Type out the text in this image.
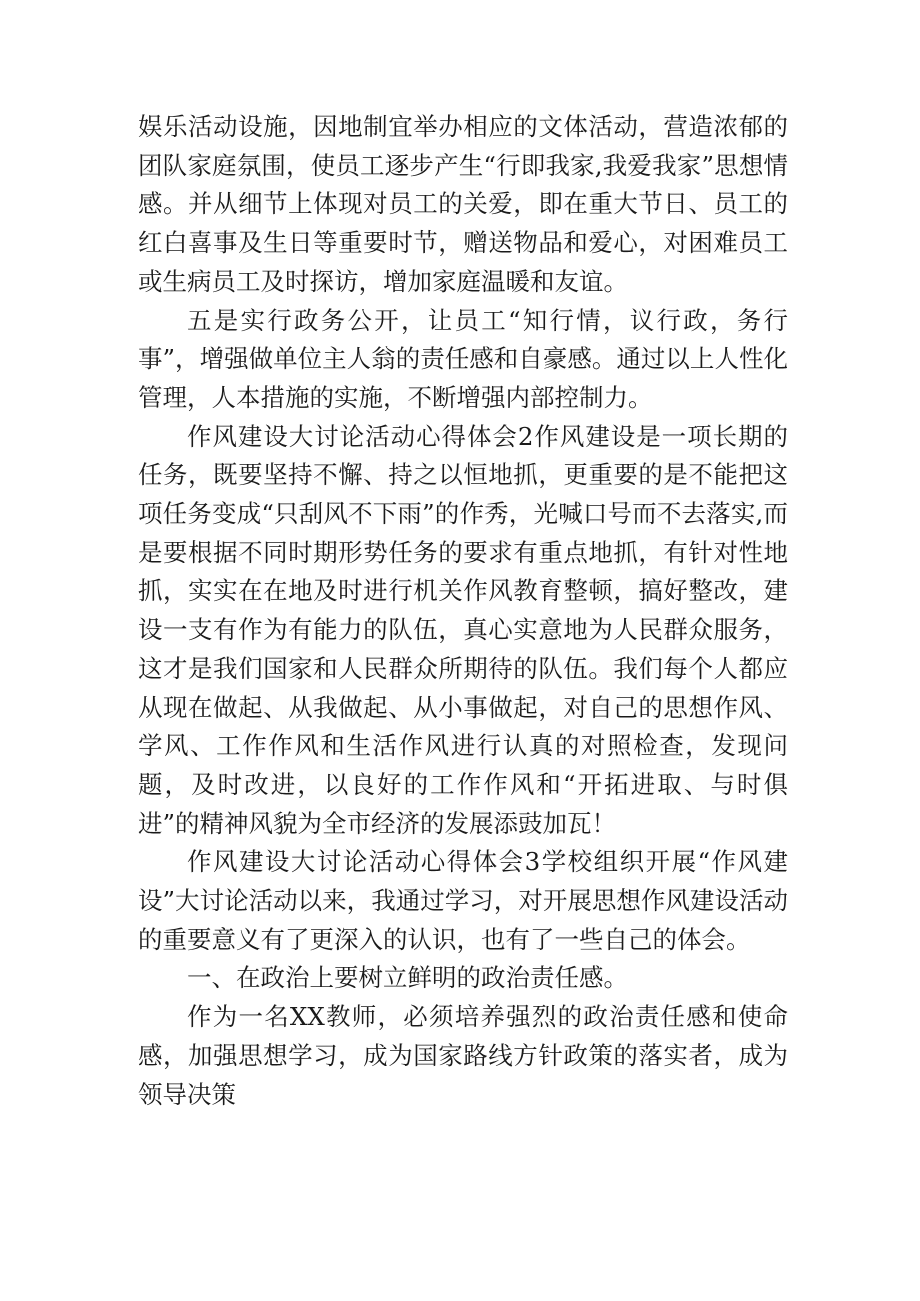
娱乐活动设施，因地制宜举办相应的文体活动，营造浓郁的团队家庭氛围，使员工逐步产生“行即我家,我爱我家”思想情感。并从细节上体现对员工的关爱，即在重大节日、员工的红白喜事及生日等重要时节，赠送物品和爱心，对困难员工或生病员工及时探访，增加家庭温暖和友谊。

五是实行政务公开，让员工“知行情，议行政，务行事”，增强做单位主人翁的责任感和自豪感。通过以上人性化管理，人本措施的实施，不断增强内部控制力。

作风建设大讨论活动心得体会2作风建设是一项长期的任务，既要坚持不懈、持之以恒地抓，更重要的是不能把这项任务变成“只刮风不下雨”的作秀，光喊口号而不去落实,而是要根据不同时期形势任务的要求有重点地抓，有针对性地抓，实实在在地及时进行机关作风教育整顿，搞好整改，建设一支有作为有能力的队伍，真心实意地为人民群众服务，这才是我们国家和人民群众所期待的队伍。我们每个人都应从现在做起、从我做起、从小事做起，对自己的思想作风、学风、工作作风和生活作风进行认真的对照检查，发现问题，及时改进，以良好的工作作风和“开拓进取、与时俱进”的精神风貌为全市经济的发展添豉加瓦！

作风建设大讨论活动心得体会3学校组织开展“作风建设”大讨论活动以来，我通过学习，对开展思想作风建设活动的重要意义有了更深入的认识，也有了一些自己的体会。

一、在政治上要树立鲜明的政治责任感。

作为一名XX教师，必须培养强烈的政治责任感和使命感，加强思想学习，成为国家路线方针政策的落实者，成为领导决策
